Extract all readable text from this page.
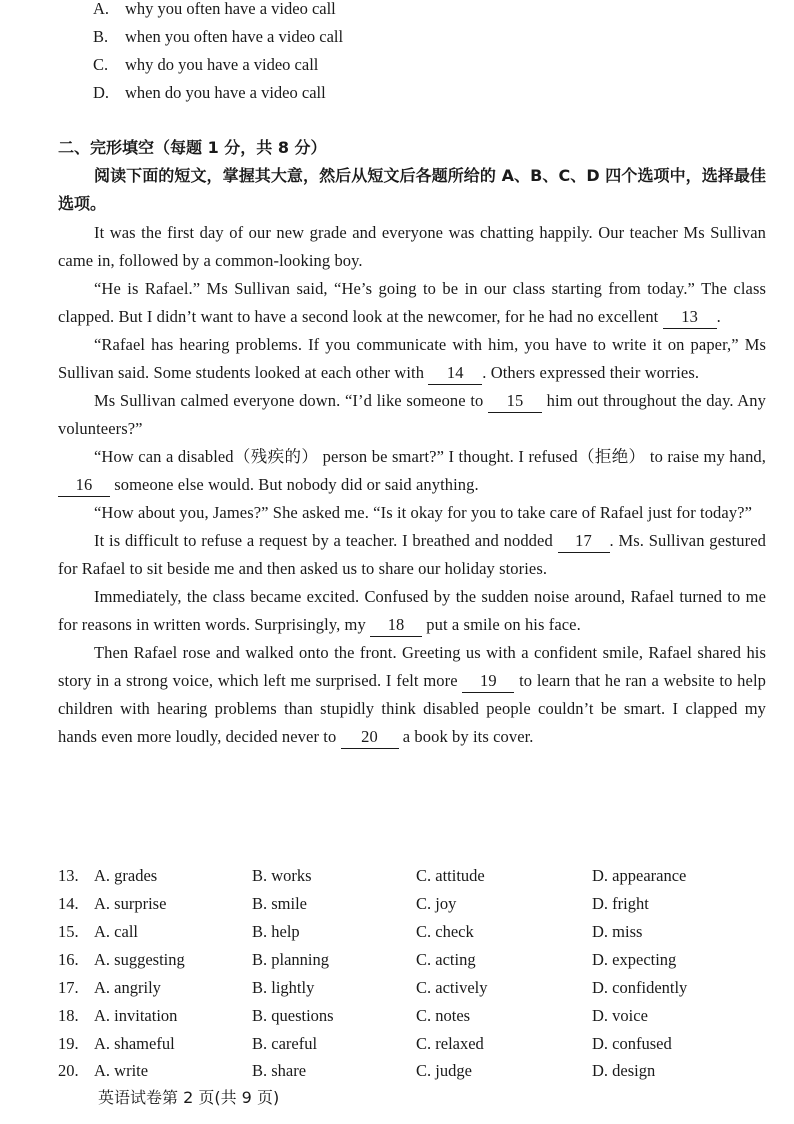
A. why you often have a video call
B. when you often have a video call
C. why do you have a video call
D. when do you have a video call
二、完形填空（每题 1 分，共 8 分）
阅读下面的短文，掌握其大意，然后从短文后各题所给的 A、B、C、D 四个选项中，选择最佳选项。

It was the first day of our new grade and everyone was chatting happily. Our teacher Ms Sullivan came in, followed by a common-looking boy.

“He is Rafael.” Ms Sullivan said, “He’s going to be in our class starting from today.” The class clapped. But I didn’t want to have a second look at the newcomer, for he had no excellent 13 .

“Rafael has hearing problems. If you communicate with him, you have to write it on paper,” Ms Sullivan said. Some students looked at each other with 14 . Others expressed their worries.

Ms Sullivan calmed everyone down. “I’d like someone to 15 him out throughout the day. Any volunteers?”

“How can a disabled（残疾的） person be smart?” I thought. I refused（拒绝） to raise my hand, 16 someone else would. But nobody did or said anything.

“How about you, James?” She asked me. “Is it okay for you to take care of Rafael just for today?”

It is difficult to refuse a request by a teacher. I breathed and nodded 17 . Ms. Sullivan gestured for Rafael to sit beside me and then asked us to share our holiday stories.

Immediately, the class became excited. Confused by the sudden noise around, Rafael turned to me for reasons in written words. Surprisingly, my 18 put a smile on his face.

Then Rafael rose and walked onto the front. Greeting us with a confident smile, Rafael shared his story in a strong voice, which left me surprised. I felt more 19 to learn that he ran a website to help children with hearing problems than stupidly think disabled people couldn’t be smart. I clapped my hands even more loudly, decided never to 20 a book by its cover.

13. A. grades	B. works	C. attitude	D. appearance
14. A. surprise	B. smile	C. joy	D. fright
15. A. call	B. help	C. check	D. miss
16. A. suggesting	B. planning	C. acting	D. expecting
17. A. angrily	B. lightly	C. actively	D. confidently
18. A. invitation	B. questions	C. notes	D. voice
19. A. shameful	B. careful	C. relaxed	D. confused
20. A. write	B. share	C. judge	D. design
英语试卷第 2 页(共 9 页)
